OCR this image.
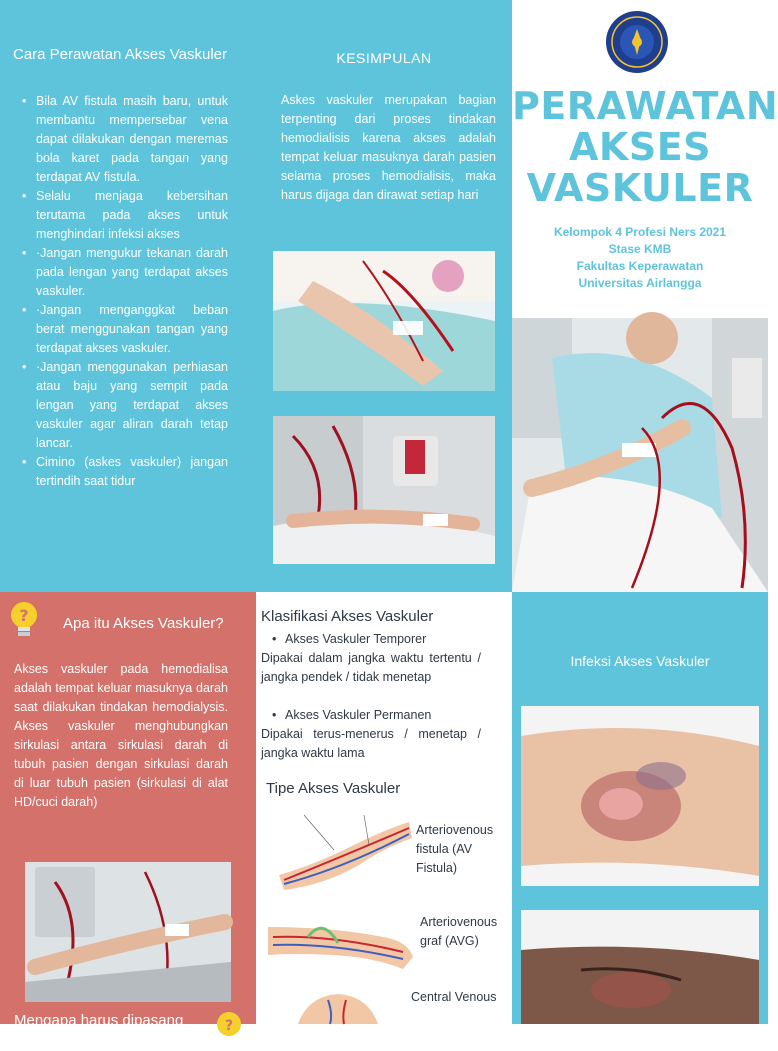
Cara Perawatan Akses Vaskuler
• Bila AV fistula masih baru, untuk membantu mempersebar vena dapat dilakukan dengan meremas bola karet pada tangan yang terdapat AV fistula.
• Selalu menjaga kebersihan terutama pada akses untuk menghindari infeksi akses
• ·Jangan mengukur tekanan darah pada lengan yang terdapat akses vaskuler.
• ·Jangan menganggkat beban berat menggunakan tangan yang terdapat akses vaskuler.
• ·Jangan menggunakan perhiasan atau baju yang sempit pada lengan yang terdapat akses vaskuler agar aliran darah tetap lancar.
• Cimino (askes vaskuler) jangan tertindih saat tidur
KESIMPULAN
Askes vaskuler merupakan bagian terpenting dari proses tindakan hemodialisis karena akses adalah tempat keluar masuknya darah pasien selama proses hemodialisis, maka harus dijaga dan dirawat setiap hari
PERAWATAN
AKSES
VASKULER
Kelompok 4 Profesi Ners 2021
Stase KMB
Fakultas Keperawatan
Universitas Airlangga
? Apa itu Akses Vaskuler?
Akses vaskuler pada hemodialisa adalah tempat keluar masuknya darah saat dilakukan tindakan hemodialysis. Akses vaskuler menghubungkan sirkulasi antara sirkulasi darah di tubuh pasien dengan sirkulasi darah di luar tubuh pasien (sirkulasi di alat HD/cuci darah)
Mengapa harus dipasang	?
Klasifikasi Akses Vaskuler
• Akses Vaskuler Temporer
Dipakai dalam jangka waktu tertentu / jangka pendek / tidak menetap
• Akses Vaskuler Permanen
Dipakai terus-menerus / menetap / jangka waktu lama
Tipe Akses Vaskuler
Arteriovenous fistula (AV Fistula)
Arteriovenous graf (AVG)
Central Venous
Infeksi Akses Vaskuler
